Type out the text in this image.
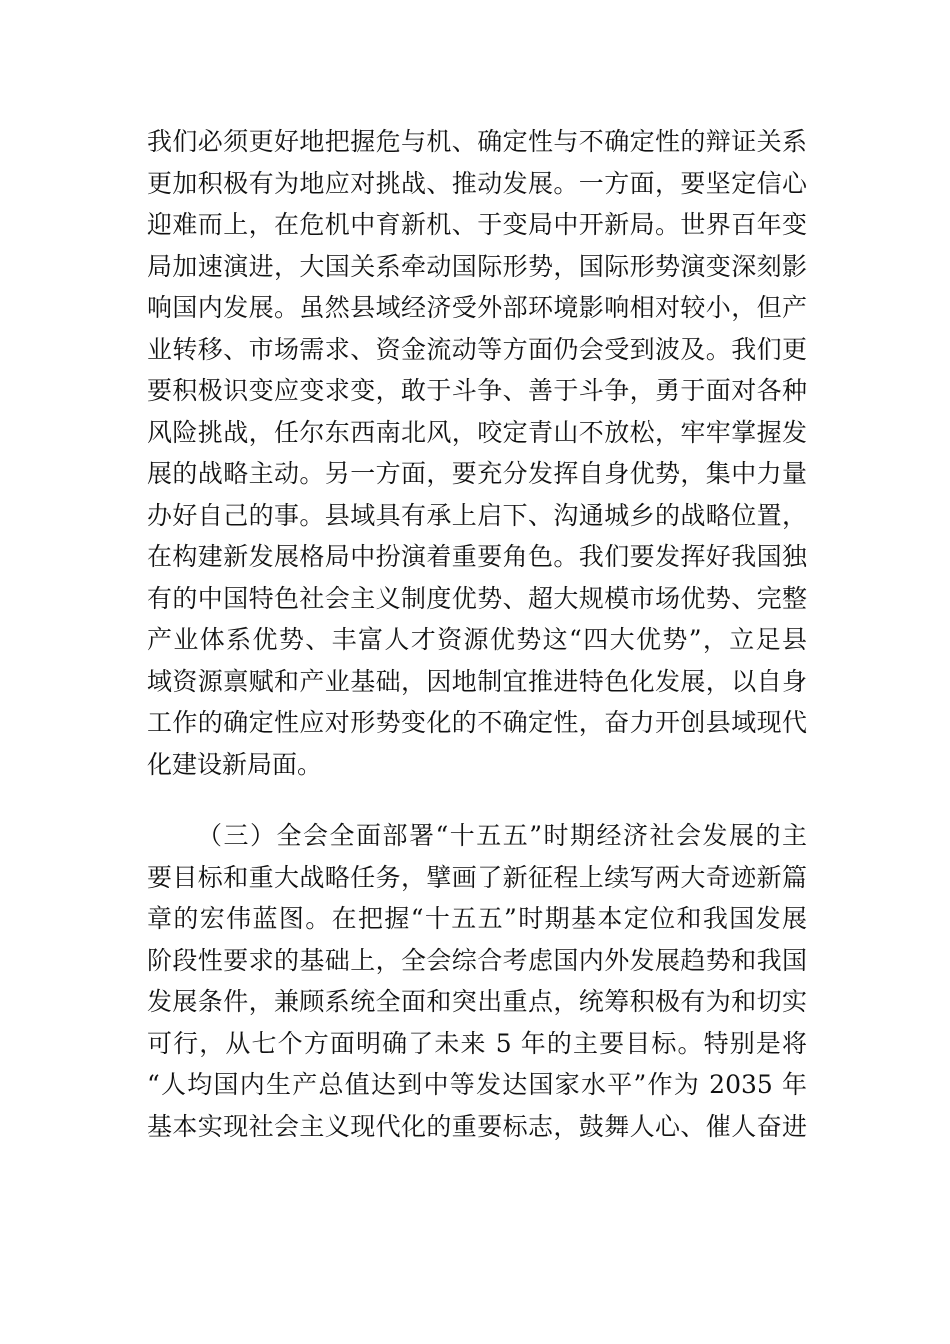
我们必须更好地把握危与机、确定性与不确定性的辩证关系
更加积极有为地应对挑战、推动发展。一方面，要坚定信心
迎难而上，在危机中育新机、于变局中开新局。世界百年变
局加速演进，大国关系牵动国际形势，国际形势演变深刻影
响国内发展。虽然县域经济受外部环境影响相对较小，但产
业转移、市场需求、资金流动等方面仍会受到波及。我们更
要积极识变应变求变，敢于斗争、善于斗争，勇于面对各种
风险挑战，任尔东西南北风，咬定青山不放松，牢牢掌握发
展的战略主动。另一方面，要充分发挥自身优势，集中力量
办好自己的事。县域具有承上启下、沟通城乡的战略位置，
在构建新发展格局中扮演着重要角色。我们要发挥好我国独
有的中国特色社会主义制度优势、超大规模市场优势、完整
产业体系优势、丰富人才资源优势这“四大优势”，立足县
域资源禀赋和产业基础，因地制宜推进特色化发展，以自身
工作的确定性应对形势变化的不确定性，奋力开创县域现代
化建设新局面。
（三）全会全面部署“十五五”时期经济社会发展的主
要目标和重大战略任务，擘画了新征程上续写两大奇迹新篇
章的宏伟蓝图。在把握“十五五”时期基本定位和我国发展
阶段性要求的基础上，全会综合考虑国内外发展趋势和我国
发展条件，兼顾系统全面和突出重点，统筹积极有为和切实
可行，从七个方面明确了未来 5 年的主要目标。特别是将
“人均国内生产总值达到中等发达国家水平”作为 2035 年
基本实现社会主义现代化的重要标志，鼓舞人心、催人奋进
